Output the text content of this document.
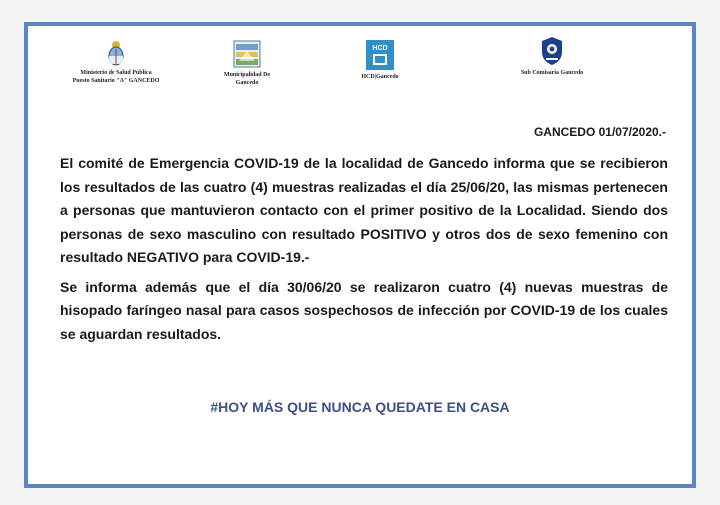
Ministerio de Salud Pública
Puesto Sanitario "A" GANCEDO
Municipalidad De
Gancedo
HCD
HCD|Gancedo
Sub Comisaria Gancedo
GANCEDO 01/07/2020.-

El comité de Emergencia COVID-19 de la localidad de Gancedo informa que se recibieron los resultados de las cuatro (4) muestras realizadas el día 25/06/20, las mismas pertenecen a personas que mantuvieron contacto con el primer positivo de la Localidad. Siendo dos personas de sexo masculino con resultado POSITIVO y otros dos de sexo femenino con resultado NEGATIVO para COVID-19.-

Se informa además que el día 30/06/20 se realizaron cuatro (4) nuevas muestras de hisopado faríngeo nasal para casos sospechosos de infección por COVID-19 de los cuales se aguardan resultados.

#HOY MÁS QUE NUNCA QUEDATE EN CASA
